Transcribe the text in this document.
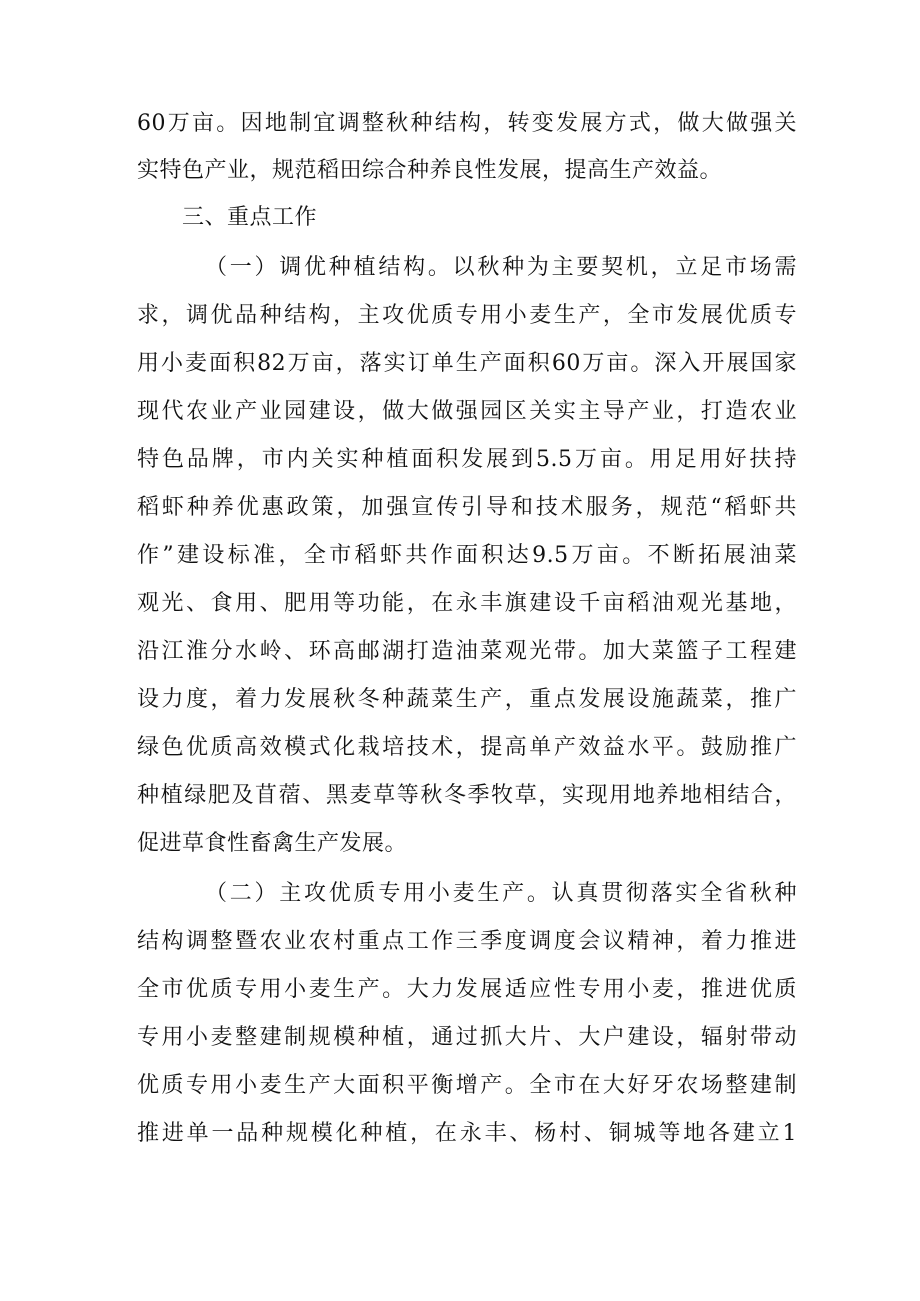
60万亩。因地制宜调整秋种结构，转变发展方式，做大做强关
实特色产业，规范稻田综合种养良性发展，提高生产效益。
三、重点工作
（一）调优种植结构。以秋种为主要契机，立足市场需
求，调优品种结构，主攻优质专用小麦生产，全市发展优质专
用小麦面积82万亩，落实订单生产面积60万亩。深入开展国家
现代农业产业园建设，做大做强园区关实主导产业，打造农业
特色品牌，市内关实种植面积发展到5.5万亩。用足用好扶持
稻虾种养优惠政策，加强宣传引导和技术服务，规范“稻虾共
作”建设标准，全市稻虾共作面积达9.5万亩。不断拓展油菜
观光、食用、肥用等功能，在永丰旗建设千亩稻油观光基地，
沿江淮分水岭、环高邮湖打造油菜观光带。加大菜篮子工程建
设力度，着力发展秋冬种蔬菜生产，重点发展设施蔬菜，推广
绿色优质高效模式化栽培技术，提高单产效益水平。鼓励推广
种植绿肥及苜蓿、黑麦草等秋冬季牧草，实现用地养地相结合，
促进草食性畜禽生产发展。
（二）主攻优质专用小麦生产。认真贯彻落实全省秋种
结构调整暨农业农村重点工作三季度调度会议精神，着力推进
全市优质专用小麦生产。大力发展适应性专用小麦，推进优质
专用小麦整建制规模种植，通过抓大片、大户建设，辐射带动
优质专用小麦生产大面积平衡增产。全市在大好牙农场整建制
推进单一品种规模化种植，在永丰、杨村、铜城等地各建立1
